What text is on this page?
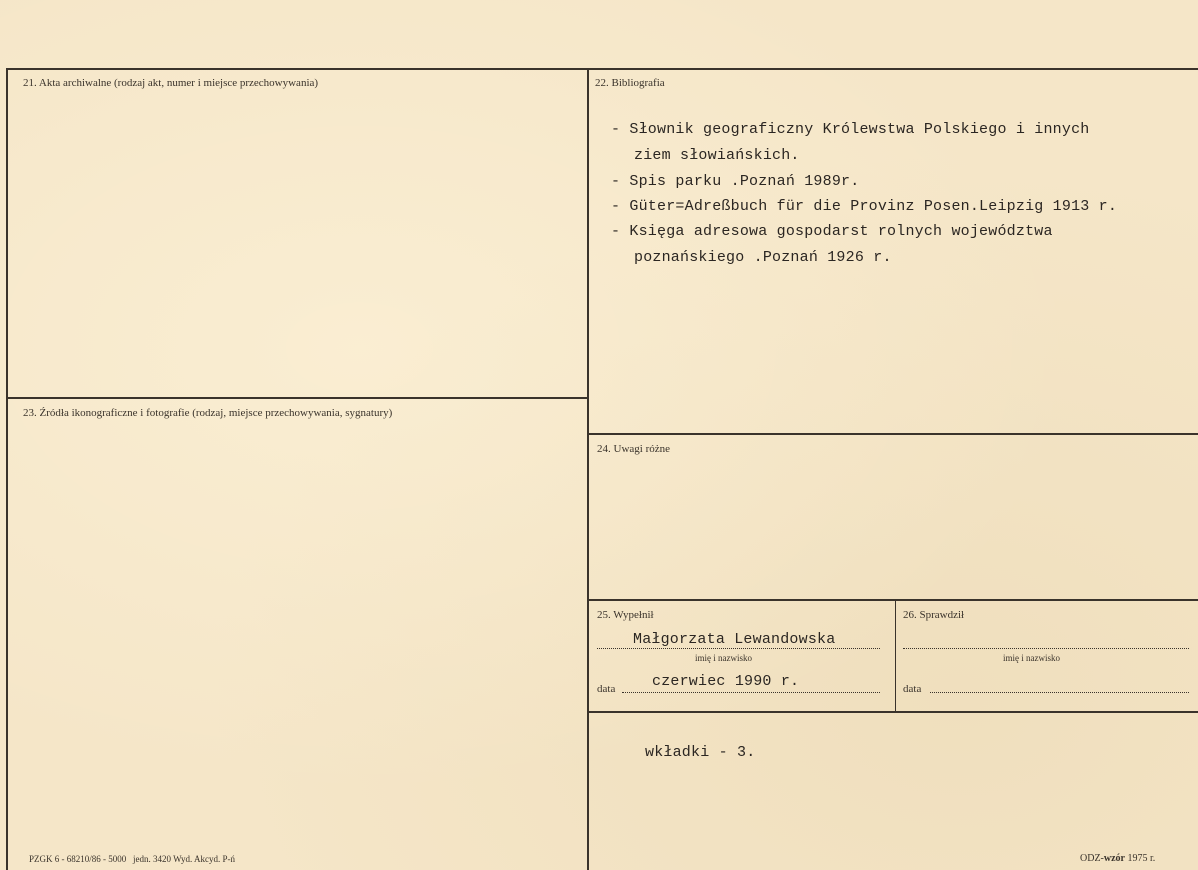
21. Akta archiwalne (rodzaj akt, numer i miejsce przechowywania)	22. Bibliografia
- Słownik geograficzny Królewstwa Polskiego i innych
ziem słowiańskich.
- Spis parku .Poznań 1989r.
- Güter=Adreßbuch für die Provinz Posen.Leipzig 1913 r.
- Księga adresowa gospodarst rolnych województwa
poznańskiego .Poznań 1926 r.
23. Źródła ikonograficzne i fotografie (rodzaj, miejsce przechowywania, sygnatury)
24. Uwagi różne
25. Wypełnił
Małgorzata Lewandowska
imię i nazwisko
data czerwiec 1990 r.
26. Sprawdził
imię i nazwisko
data
wkładki - 3.
PZGK 6 - 68210/86 - 5000   jedn. 3420 Wyd. Akcyd. P-ń	ODZ-wzór 1975 r.
